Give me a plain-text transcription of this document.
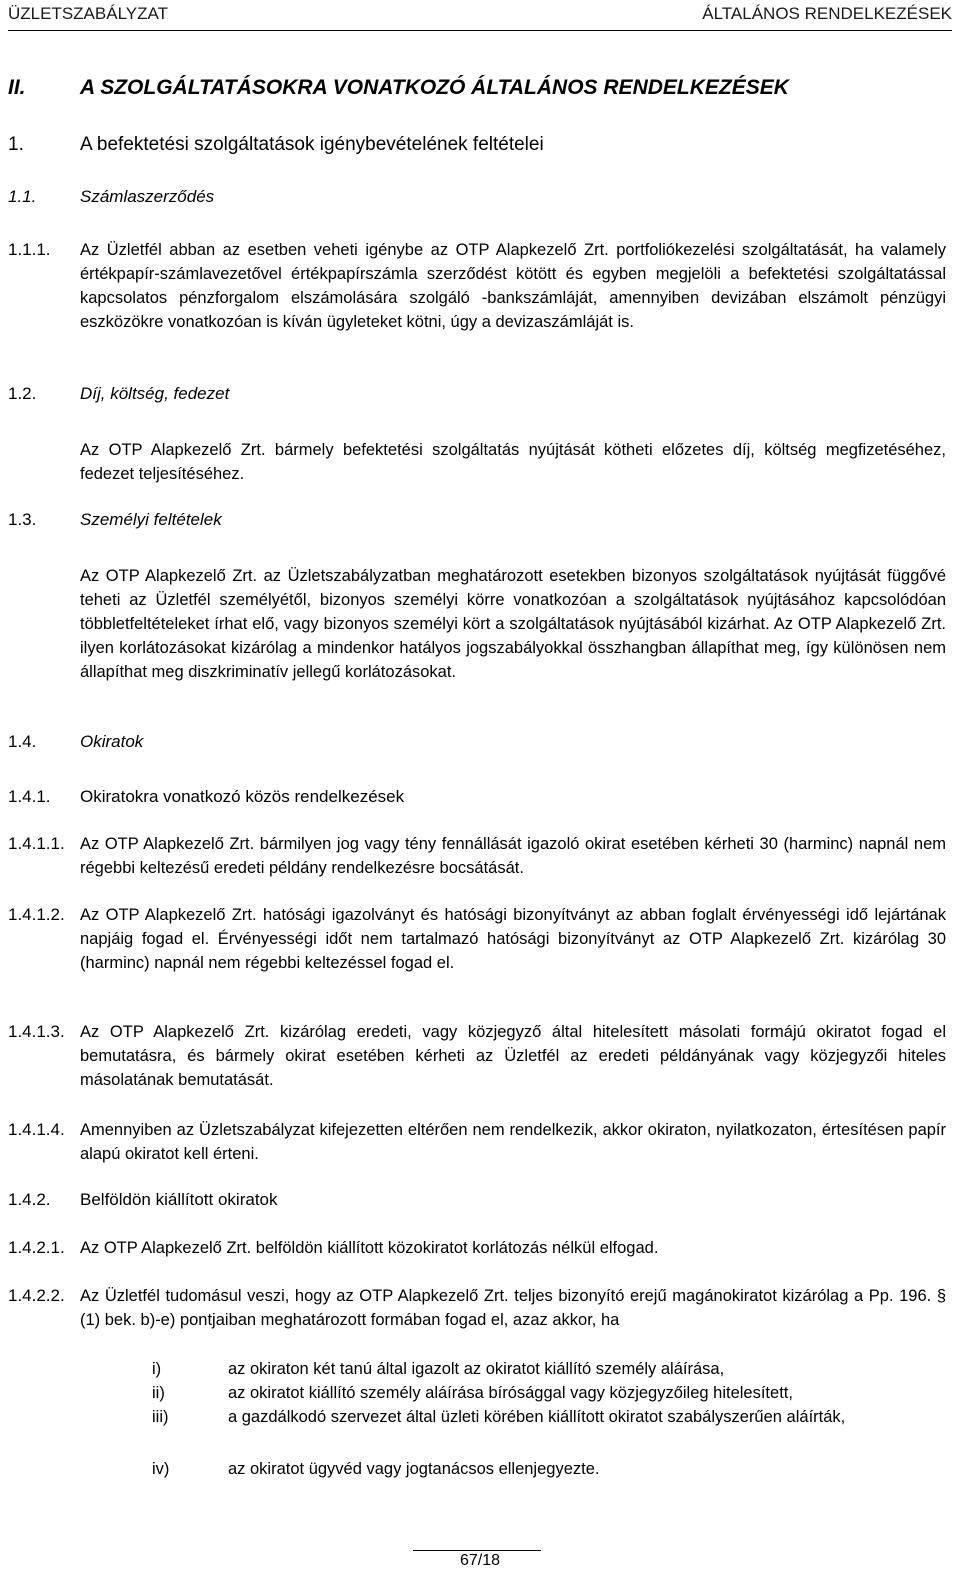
ÜZLETSZABÁLYZAT	ÁLTALÁNOS RENDELKEZÉSEK
II.	A SZOLGÁLTATÁSOKRA VONATKOZÓ ÁLTALÁNOS RENDELKEZÉSEK
1.	A befektetési szolgáltatások igénybevételének feltételei
1.1.	Számlaszerződés
1.1.1. Az Üzletfél abban az esetben veheti igénybe az OTP Alapkezelő Zrt. portfoliókezelési szolgáltatását, ha valamely értékpapír-számlavezetővel értékpapírszámla szerződést kötött és egyben megjelöli a befektetési szolgáltatással kapcsolatos pénzforgalom elszámolására szolgáló -bankszámláját, amennyiben devizában elszámolt pénzügyi eszközökre vonatkozóan is kíván ügyleteket kötni, úgy a devizaszámláját is.

1.2.	Díj, költség, fedezet

Az OTP Alapkezelő Zrt. bármely befektetési szolgáltatás nyújtását kötheti előzetes díj, költség megfizetéséhez, fedezet teljesítéséhez.

1.3.	Személyi feltételek

Az OTP Alapkezelő Zrt. az Üzletszabályzatban meghatározott esetekben bizonyos szolgáltatások nyújtását függővé teheti az Üzletfél személyétől, bizonyos személyi körre vonatkozóan a szolgáltatások nyújtásához kapcsolódóan többletfeltételeket írhat elő, vagy bizonyos személyi kört a szolgáltatások nyújtásából kizárhat. Az OTP Alapkezelő Zrt. ilyen korlátozásokat kizárólag a mindenkor hatályos jogszabályokkal összhangban állapíthat meg, így különösen nem állapíthat meg diszkriminatív jellegű korlátozásokat.

1.4.	Okiratok
1.4.1. Okiratokra vonatkozó közös rendelkezések
1.4.1.1. Az OTP Alapkezelő Zrt. bármilyen jog vagy tény fennállását igazoló okirat esetében kérheti 30 (harminc) napnál nem régebbi keltezésű eredeti példány rendelkezésre bocsátását.

1.4.1.2. Az OTP Alapkezelő Zrt. hatósági igazolványt és hatósági bizonyítványt az abban foglalt érvényességi idő lejártának napjáig fogad el. Érvényességi időt nem tartalmazó hatósági bizonyítványt az OTP Alapkezelő Zrt. kizárólag 30 (harminc) napnál nem régebbi keltezéssel fogad el.

1.4.1.3. Az OTP Alapkezelő Zrt. kizárólag eredeti, vagy közjegyző által hitelesített másolati formájú okiratot fogad el bemutatásra, és bármely okirat esetében kérheti az Üzletfél az eredeti példányának vagy közjegyzői hiteles másolatának bemutatását.

1.4.1.4. Amennyiben az Üzletszabályzat kifejezetten eltérően nem rendelkezik, akkor okiraton, nyilatkozaton, értesítésen papír alapú okiratot kell érteni.

1.4.2. Belföldön kiállított okiratok
1.4.2.1. Az OTP Alapkezelő Zrt. belföldön kiállított közokiratot korlátozás nélkül elfogad.

1.4.2.2. Az Üzletfél tudomásul veszi, hogy az OTP Alapkezelő Zrt. teljes bizonyító erejű magánokiratot kizárólag a Pp. 196. § (1) bek. b)-e) pontjaiban meghatározott formában fogad el, azaz akkor, ha

i)	az okiraton két tanú által igazolt az okiratot kiállító személy aláírása,
ii)	az okiratot kiállító személy aláírása bírósággal vagy közjegyzőileg hitelesített,
iii)	a gazdálkodó szervezet által üzleti körében kiállított okiratot szabályszerűen aláírták,
iv)	az okiratot ügyvéd vagy jogtanácsos ellenjegyezte.
67/18
